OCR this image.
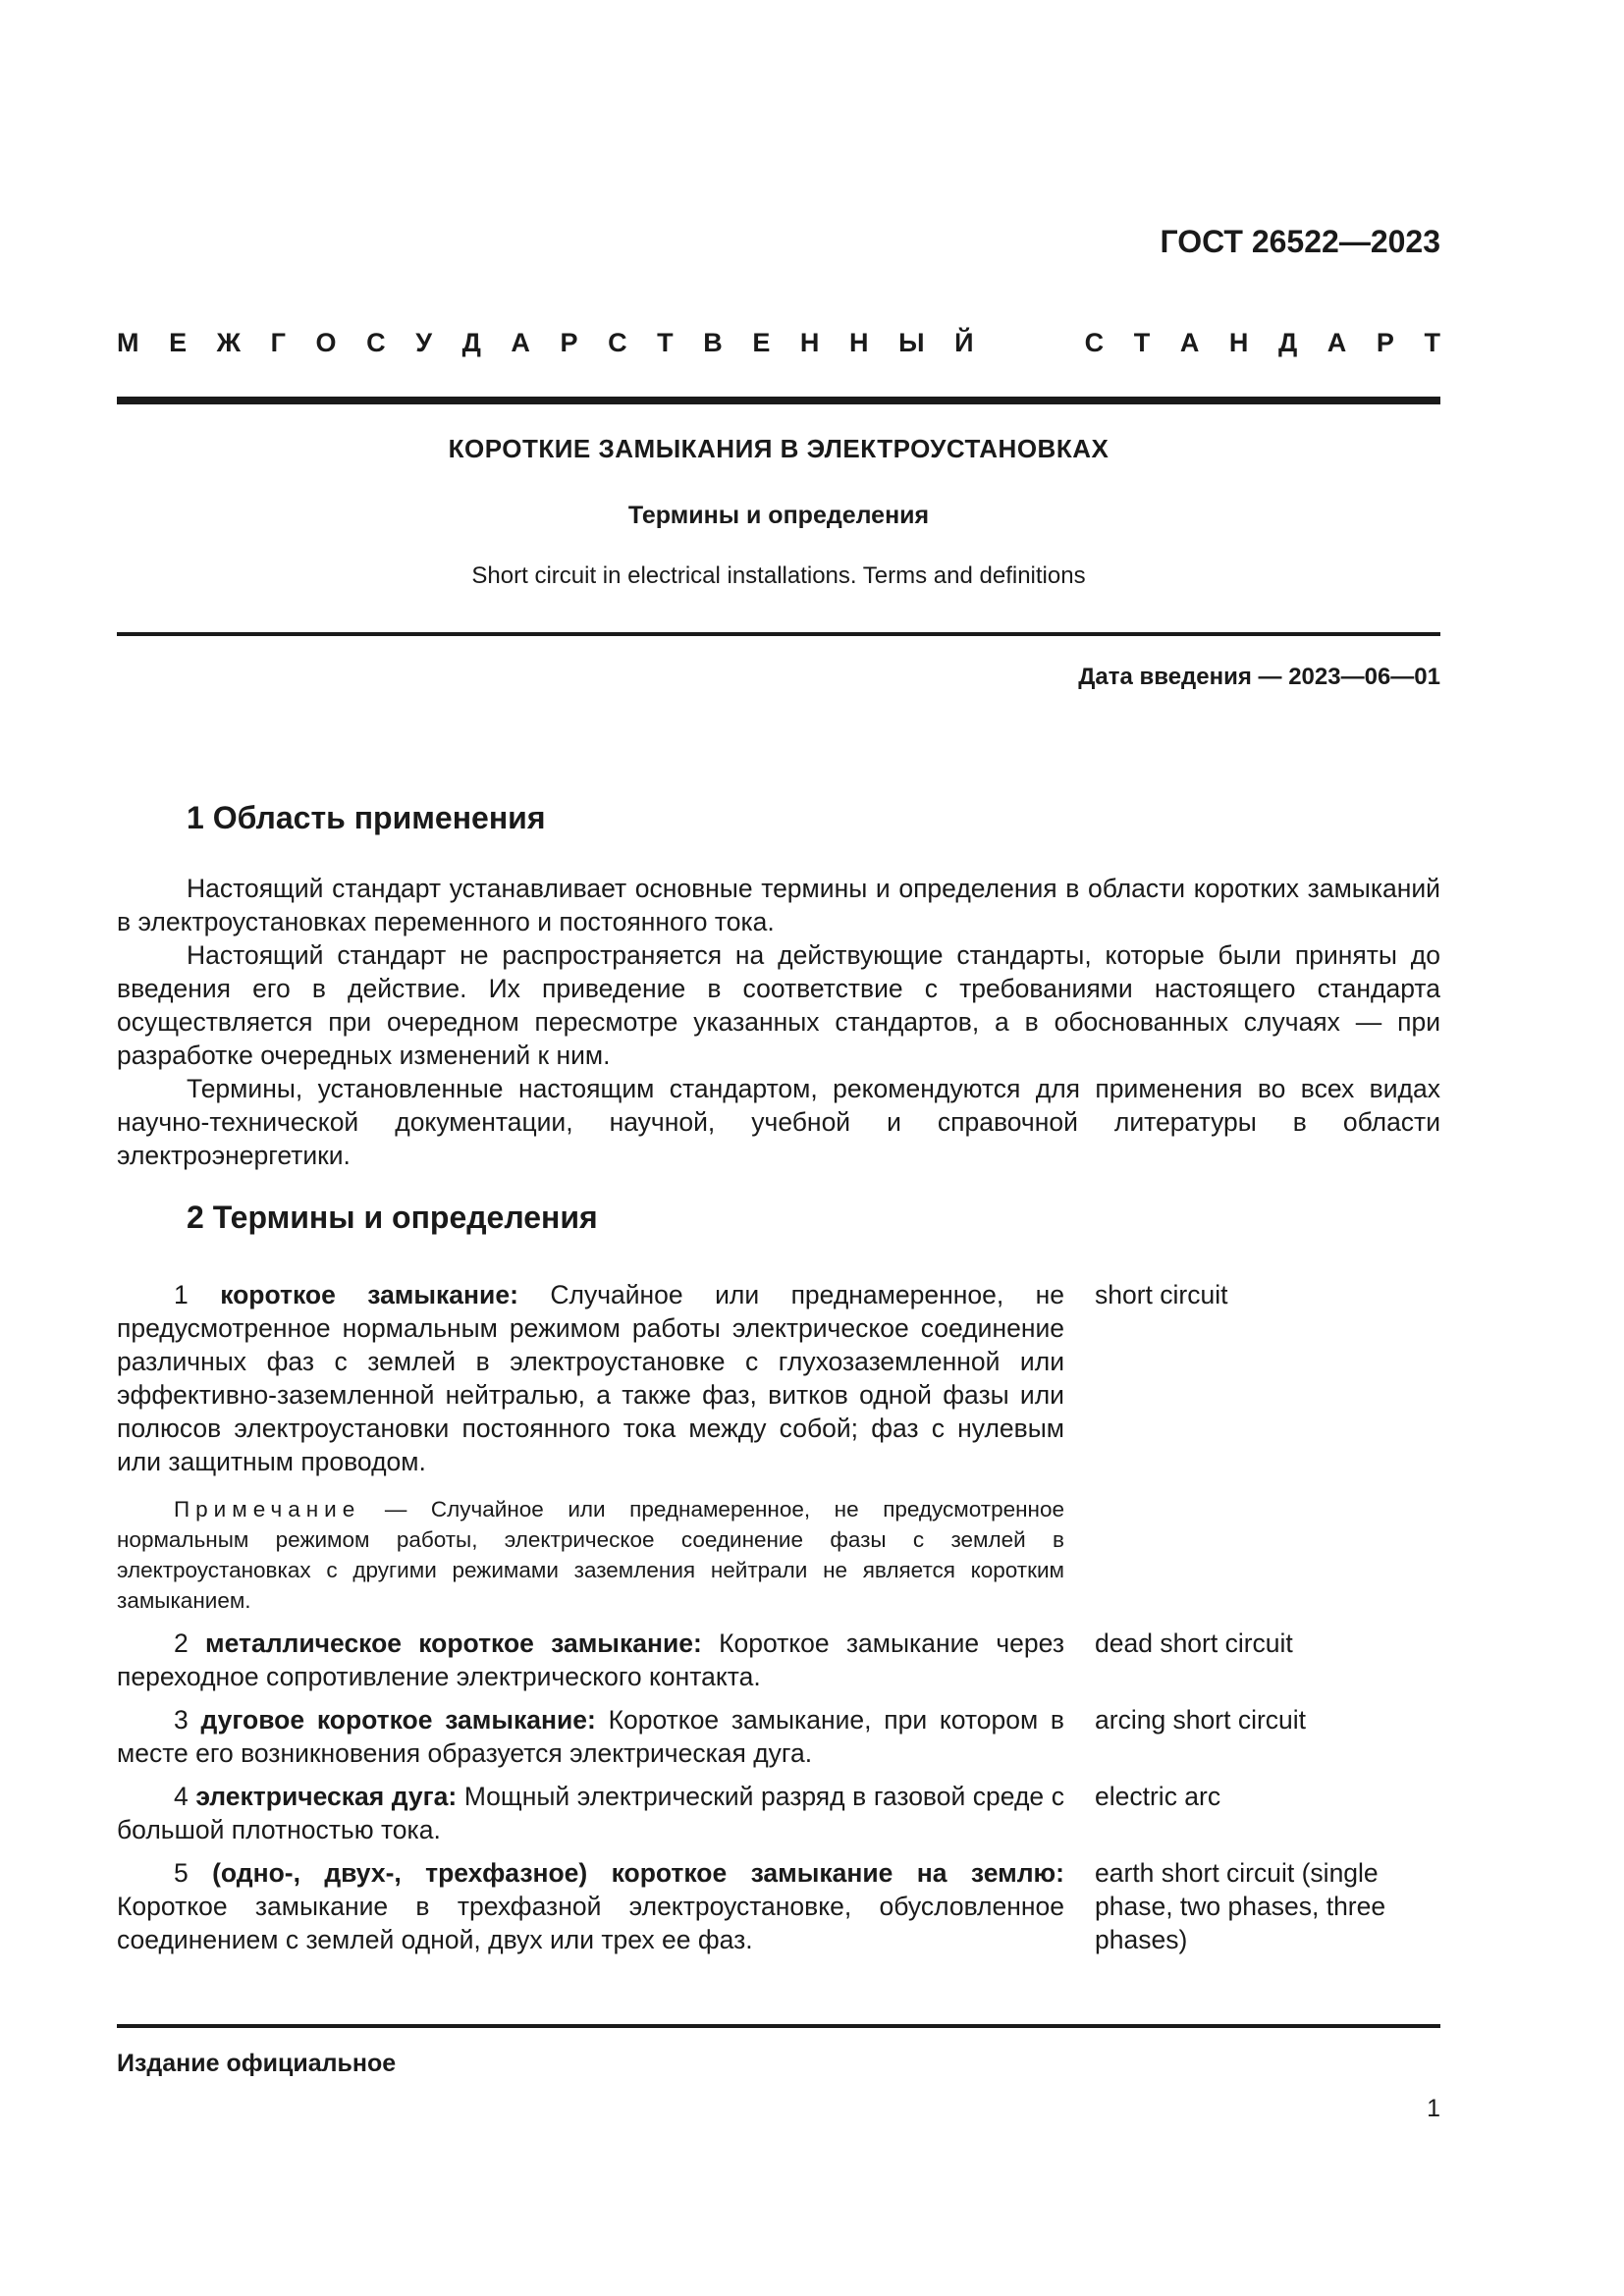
ГОСТ 26522—2023
М Е Ж Г О С У Д А Р С Т В Е Н Н Ы Й	С Т А Н Д А Р Т
КОРОТКИЕ ЗАМЫКАНИЯ В ЭЛЕКТРОУСТАНОВКАХ
Термины и определения
Short circuit in electrical installations. Terms and definitions
Дата введения — 2023—06—01
1 Область применения

Настоящий стандарт устанавливает основные термины и определения в области коротких замыканий в электроустановках переменного и постоянного тока.

Настоящий стандарт не распространяется на действующие стандарты, которые были приняты до введения его в действие. Их приведение в соответствие с требованиями настоящего стандарта осуществляется при очередном пересмотре указанных стандартов, а в обоснованных случаях — при разработке очередных изменений к ним.

Термины, установленные настоящим стандартом, рекомендуются для применения во всех видах научно-технической документации, научной, учебной и справочной литературы в области электроэнергетики.

2 Термины и определения

1 короткое замыкание: Случайное или преднамеренное, не предусмотренное нормальным режимом работы электрическое соединение различных фаз с землей в электроустановке с глухозаземленной или эффективно-заземленной нейтралью, а также фаз, витков одной фазы или полюсов электроустановки постоянного тока между собой; фаз с нулевым или защитным проводом.

short circuit

Примечание — Случайное или преднамеренное, не предусмотренное нормальным режимом работы, электрическое соединение фазы с землей в электроустановках с другими режимами заземления нейтрали не является коротким замыканием.

2 металлическое короткое замыкание: Короткое замыкание через переходное сопротивление электрического контакта.

dead short circuit

3 дуговое короткое замыкание: Короткое замыкание, при котором в месте его возникновения образуется электрическая дуга.

arcing short circuit

4 электрическая дуга: Мощный электрический разряд в газовой среде с большой плотностью тока.

electric arc

5 (одно-, двух-, трехфазное) короткое замыкание на землю: Короткое замыкание в трехфазной электроустановке, обусловленное соединением с землей одной, двух или трех ее фаз.

earth short circuit (single phase, two phases, three phases)
Издание официальное
1
